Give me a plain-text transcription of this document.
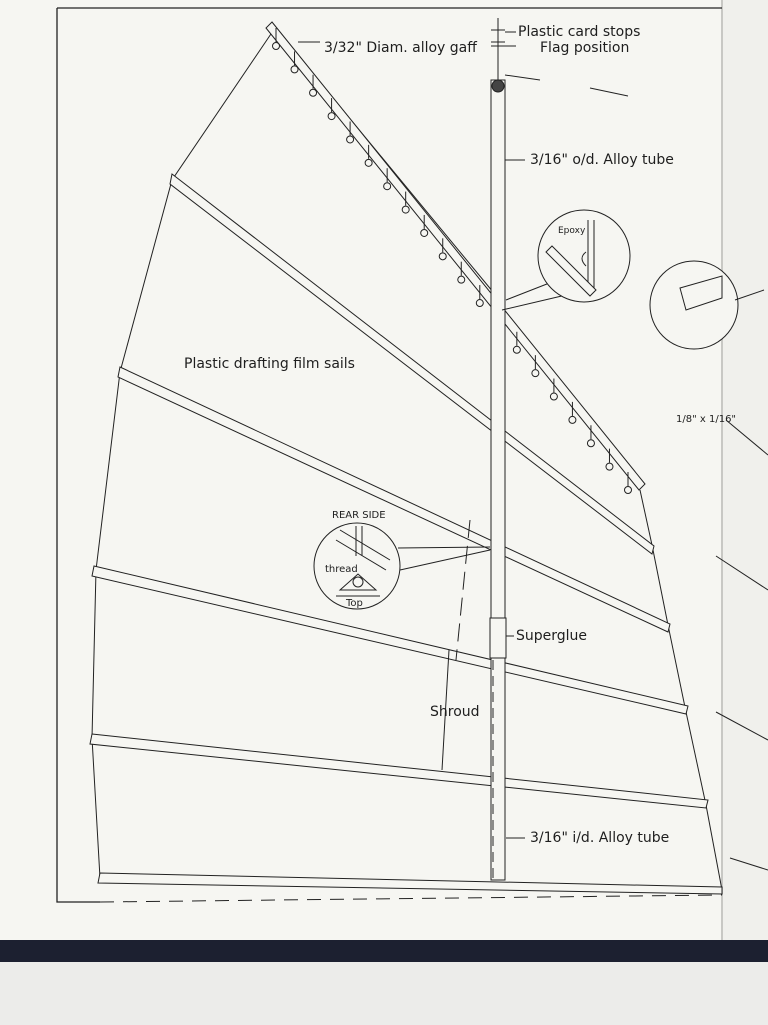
Plastic card stops
Flag position
3/32" Diam. alloy gaff
3/16" o/d. Alloy tube
Epoxy
Plastic drafting film sails
1/8" x 1/16"
REAR SIDE
thread
Top
Superglue
Shroud
3/16" i/d. Alloy tube
